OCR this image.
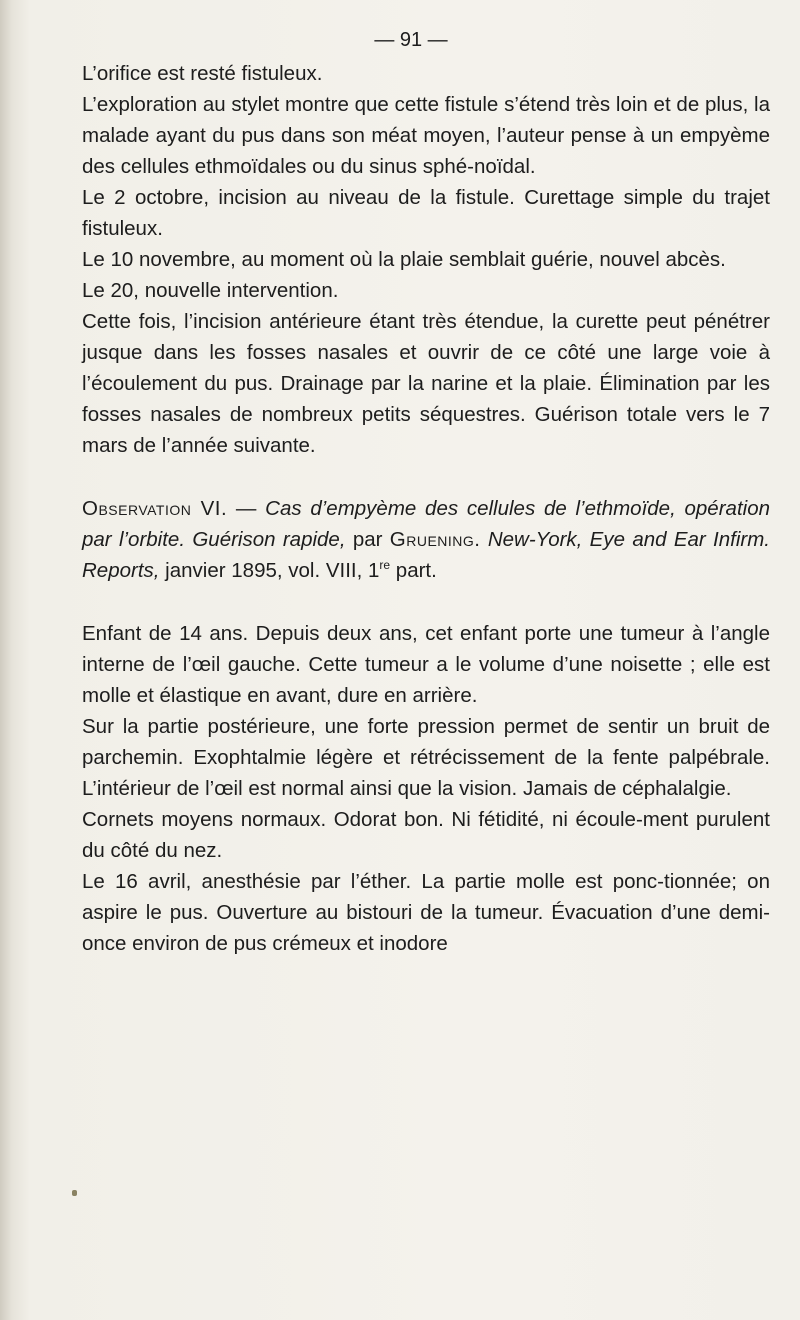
— 91 —

L’orifice est resté fistuleux.

L’exploration au stylet montre que cette fistule s’étend très loin et de plus, la malade ayant du pus dans son méat moyen, l’auteur pense à un empyème des cellules ethmoïdales ou du sinus sphé-noïdal.

Le 2 octobre, incision au niveau de la fistule. Curettage simple du trajet fistuleux.

Le 10 novembre, au moment où la plaie semblait guérie, nouvel abcès.

Le 20, nouvelle intervention.

Cette fois, l’incision antérieure étant très étendue, la curette peut pénétrer jusque dans les fosses nasales et ouvrir de ce côté une large voie à l’écoulement du pus. Drainage par la narine et la plaie. Élimination par les fosses nasales de nombreux petits séquestres. Guérison totale vers le 7 mars de l’année suivante.

Observation VI. — Cas d’empyème des cellules de l’ethmoïde, opération par l’orbite. Guérison rapide, par Gruening. New-York, Eye and Ear Infirm. Reports, janvier 1895, vol. VIII, 1re part.

Enfant de 14 ans. Depuis deux ans, cet enfant porte une tumeur à l’angle interne de l’œil gauche. Cette tumeur a le volume d’une noisette ; elle est molle et élastique en avant, dure en arrière.

Sur la partie postérieure, une forte pression permet de sentir un bruit de parchemin. Exophtalmie légère et rétrécissement de la fente palpébrale. L’intérieur de l’œil est normal ainsi que la vision. Jamais de céphalalgie.

Cornets moyens normaux. Odorat bon. Ni fétidité, ni écoule-ment purulent du côté du nez.

Le 16 avril, anesthésie par l’éther. La partie molle est ponc-tionnée; on aspire le pus. Ouverture au bistouri de la tumeur. Évacuation d’une demi-once environ de pus crémeux et inodore
